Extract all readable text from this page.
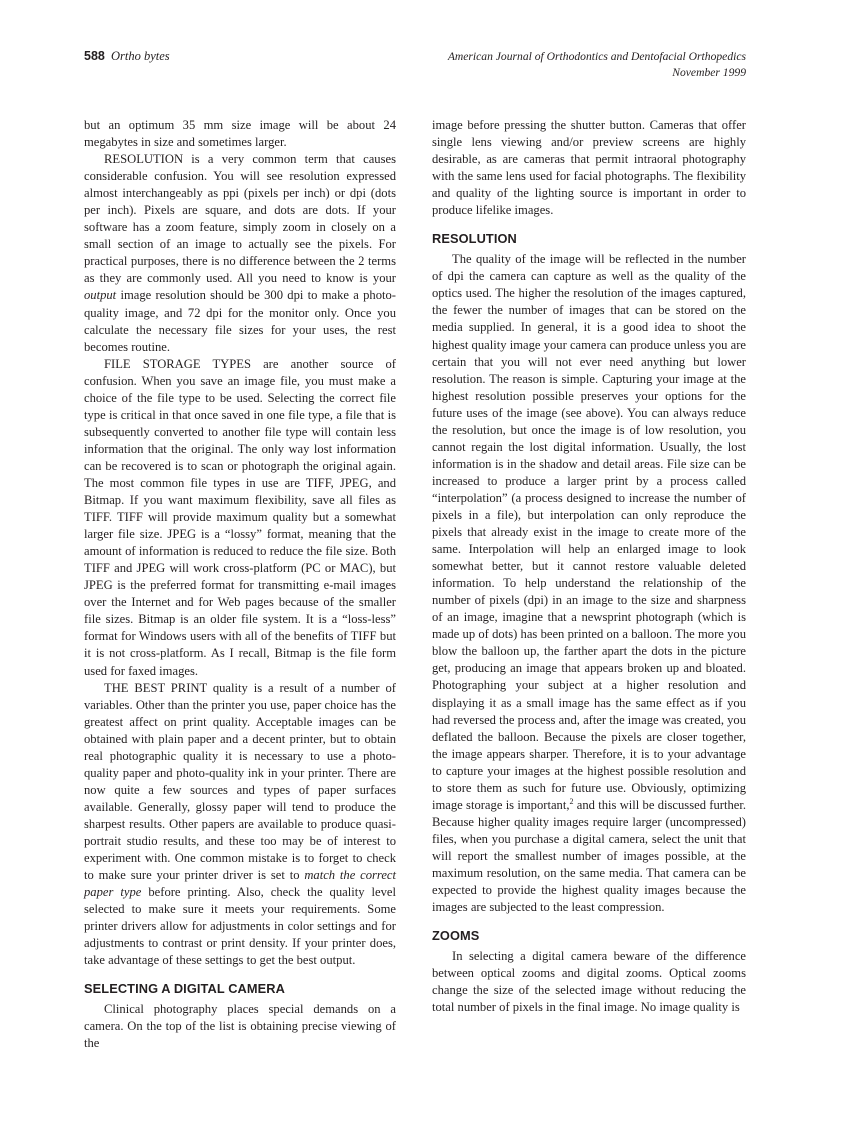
588 Ortho bytes	American Journal of Orthodontics and Dentofacial Orthopedics
November 1999

but an optimum 35 mm size image will be about 24 megabytes in size and sometimes larger.

RESOLUTION is a very common term that causes considerable confusion. You will see resolution expressed almost interchangeably as ppi (pixels per inch) or dpi (dots per inch). Pixels are square, and dots are dots. If your software has a zoom feature, simply zoom in closely on a small section of an image to actually see the pixels. For practical purposes, there is no difference between the 2 terms as they are commonly used. All you need to know is your output image resolution should be 300 dpi to make a photo-quality image, and 72 dpi for the monitor only. Once you calculate the necessary file sizes for your uses, the rest becomes routine.

FILE STORAGE TYPES are another source of confusion. When you save an image file, you must make a choice of the file type to be used. Selecting the correct file type is critical in that once saved in one file type, a file that is subsequently converted to another file type will contain less information that the original. The only way lost information can be recovered is to scan or photograph the original again. The most common file types in use are TIFF, JPEG, and Bitmap. If you want maximum flexibility, save all files as TIFF. TIFF will provide maximum quality but a somewhat larger file size. JPEG is a “lossy” format, meaning that the amount of information is reduced to reduce the file size. Both TIFF and JPEG will work cross-platform (PC or MAC), but JPEG is the preferred format for transmitting e-mail images over the Internet and for Web pages because of the smaller file sizes. Bitmap is an older file system. It is a “loss-less” format for Windows users with all of the benefits of TIFF but it is not cross-platform. As I recall, Bitmap is the file form used for faxed images.

THE BEST PRINT quality is a result of a number of variables. Other than the printer you use, paper choice has the greatest affect on print quality. Acceptable images can be obtained with plain paper and a decent printer, but to obtain real photographic quality it is necessary to use a photo-quality paper and photo-quality ink in your printer. There are now quite a few sources and types of paper surfaces available. Generally, glossy paper will tend to produce the sharpest results. Other papers are available to produce quasi-portrait studio results, and these too may be of interest to experiment with. One common mistake is to forget to check to make sure your printer driver is set to match the correct paper type before printing. Also, check the quality level selected to make sure it meets your requirements. Some printer drivers allow for adjustments in color settings and for adjustments to contrast or print density. If your printer does, take advantage of these settings to get the best output.

SELECTING A DIGITAL CAMERA

Clinical photography places special demands on a camera. On the top of the list is obtaining precise viewing of the

image before pressing the shutter button. Cameras that offer single lens viewing and/or preview screens are highly desirable, as are cameras that permit intraoral photography with the same lens used for facial photographs. The flexibility and quality of the lighting source is important in order to produce lifelike images.

RESOLUTION

The quality of the image will be reflected in the number of dpi the camera can capture as well as the quality of the optics used. The higher the resolution of the images captured, the fewer the number of images that can be stored on the media supplied. In general, it is a good idea to shoot the highest quality image your camera can produce unless you are certain that you will not ever need anything but lower resolution. The reason is simple. Capturing your image at the highest resolution possible preserves your options for the future uses of the image (see above). You can always reduce the resolution, but once the image is of low resolution, you cannot regain the lost digital information. Usually, the lost information is in the shadow and detail areas. File size can be increased to produce a larger print by a process called “interpolation” (a process designed to increase the number of pixels in a file), but interpolation can only reproduce the pixels that already exist in the image to create more of the same. Interpolation will help an enlarged image to look somewhat better, but it cannot restore valuable deleted information. To help understand the relationship of the number of pixels (dpi) in an image to the size and sharpness of an image, imagine that a newsprint photograph (which is made up of dots) has been printed on a balloon. The more you blow the balloon up, the farther apart the dots in the picture get, producing an image that appears broken up and bloated. Photographing your subject at a higher resolution and displaying it as a small image has the same effect as if you had reversed the process and, after the image was created, you deflated the balloon. Because the pixels are closer together, the image appears sharper. Therefore, it is to your advantage to capture your images at the highest possible resolution and to store them as such for future use. Obviously, optimizing image storage is important,$^2$ and this will be discussed further. Because higher quality images require larger (uncompressed) files, when you purchase a digital camera, select the unit that will report the smallest number of images possible, at the maximum resolution, on the same media. That camera can be expected to provide the highest quality images because the images are subjected to the least compression.

ZOOMS

In selecting a digital camera beware of the difference between optical zooms and digital zooms. Optical zooms change the size of the selected image without reducing the total number of pixels in the final image. No image quality is
